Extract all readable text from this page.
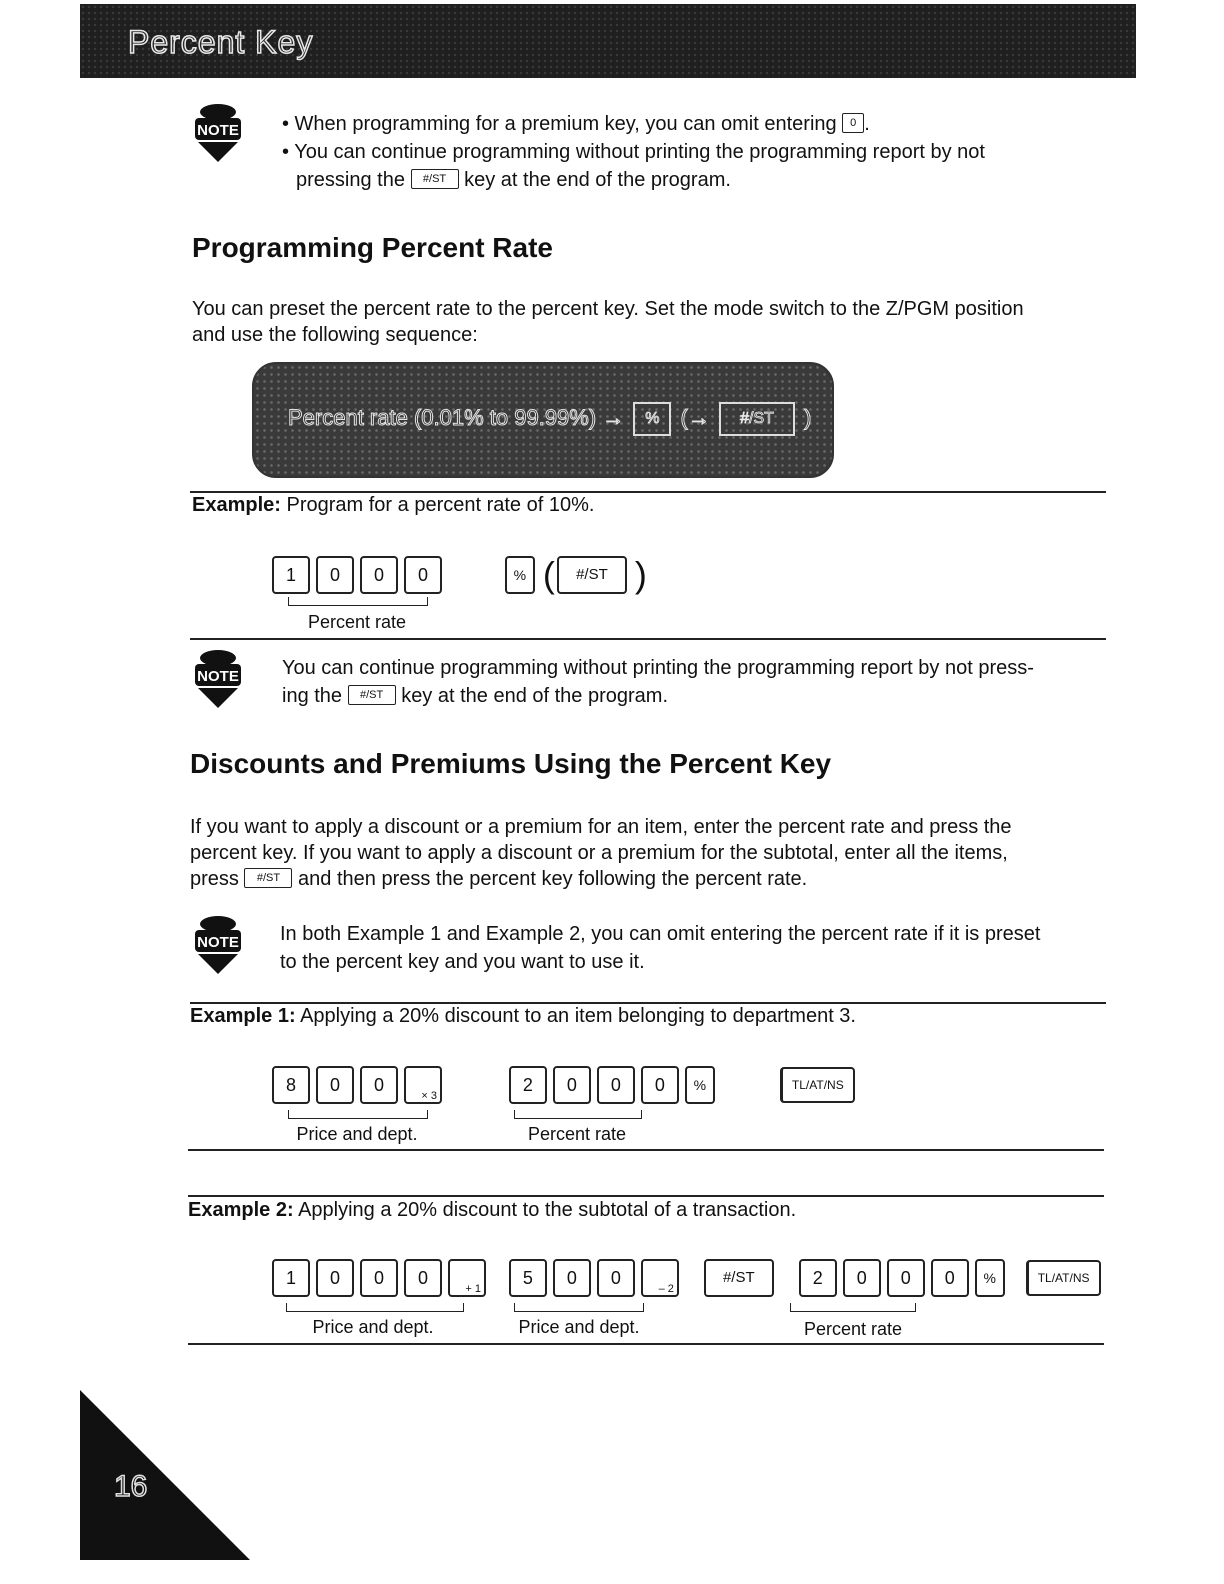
Percent Key
NOTE • When programming for a premium key, you can omit entering 0 .
• You can continue programming without printing the programming report by not
pressing the #/ST key at the end of the program.
Programming Percent Rate
You can preset the percent rate to the percent key. Set the mode switch to the Z/PGM position
and use the following sequence:
Percent rate (0.01% to 99.99%) → % (→ #/ST )
Example: Program for a percent rate of 10%.
1 0 0 0	% ( #/ST )
Percent rate
NOTE You can continue programming without printing the programming report by not press-
ing the #/ST key at the end of the program.
Discounts and Premiums Using the Percent Key
If you want to apply a discount or a premium for an item, enter the percent rate and press the
percent key. If you want to apply a discount or a premium for the subtotal, enter all the items,
press #/ST and then press the percent key following the percent rate.
NOTE In both Example 1 and Example 2, you can omit entering the percent rate if it is preset
to the percent key and you want to use it.
Example 1: Applying a 20% discount to an item belonging to department 3.
8 0 0
× 3
2 0 0 0 %	TL/AT/NS
Price and dept.	Percent rate
Example 2: Applying a 20% discount to the subtotal of a transaction.
1 0 0 0
+ 1
5 0 0
– 2
#/ST	2 0 0 0 %	TL/AT/NS
Price and dept.	Price and dept.	Percent rate
16
